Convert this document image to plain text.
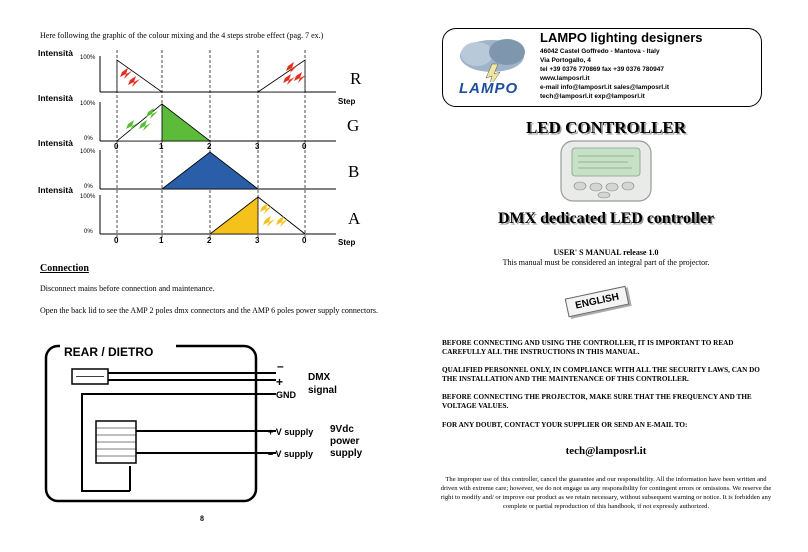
Here following the graphic of the colour mixing and the 4 steps strobe effect (pag. 7 ex.)
Intensità 100%
R
Step
Intensità
100%
0%
G
0	1	2	3	0
Intensità
100%
0%
B
Intensità
100%
0%
A
0	1	2	3	0	Step
Connection
Disconnect mains before connection and maintenance.
Open the back lid to see the AMP 2 poles dmx connectors and the AMP 6 poles power supply connectors.
REAR / DIETRO
–
+
GND
DMX
signal
+ V supply
– V supply
9Vdc
power
supply
8
LAMPO
LAMPO lighting designers
46042 Castel Goffredo - Mantova - Italy
Via Portogallo, 4
tel +39 0376 770869 fax +39 0376 780947
www.lamposrl.it
e-mail info@lamposrl.it sales@lamposrl.it
tech@lamposrl.it exp@lamposrl.it
LED CONTROLLER
DMX dedicated LED controller
USER' S MANUAL release 1.0
This manual must be considered an integral part of the projector.
ENGLISH
BEFORE CONNECTING AND USING THE CONTROLLER, IT IS IMPORTANT TO READ CAREFULLY ALL THE INSTRUCTIONS IN THIS MANUAL.
QUALIFIED PERSONNEL ONLY, IN COMPLIANCE WITH ALL THE SECURITY LAWS, CAN DO THE INSTALLATION AND THE MAINTENANCE OF THIS CONTROLLER.
BEFORE CONNECTING THE PROJECTOR, MAKE SURE THAT THE FREQUENCY AND THE VOLTAGE VALUES.
FOR ANY DOUBT, CONTACT YOUR SUPPLIER OR SEND AN E-MAIL TO:
tech@lamposrl.it
The improper use of this controller, cancel the guarantee and our responsibility. All the information have been written and driven with extreme care; however, we do not engage us any responsibility for contingent errors or omissions. We reserve the right to modify and/ or improve our product as we retain necessary, without subsequent warning or notice. It is forbidden any complete or partial reproduction of this handbook, if not expressly authorized.
